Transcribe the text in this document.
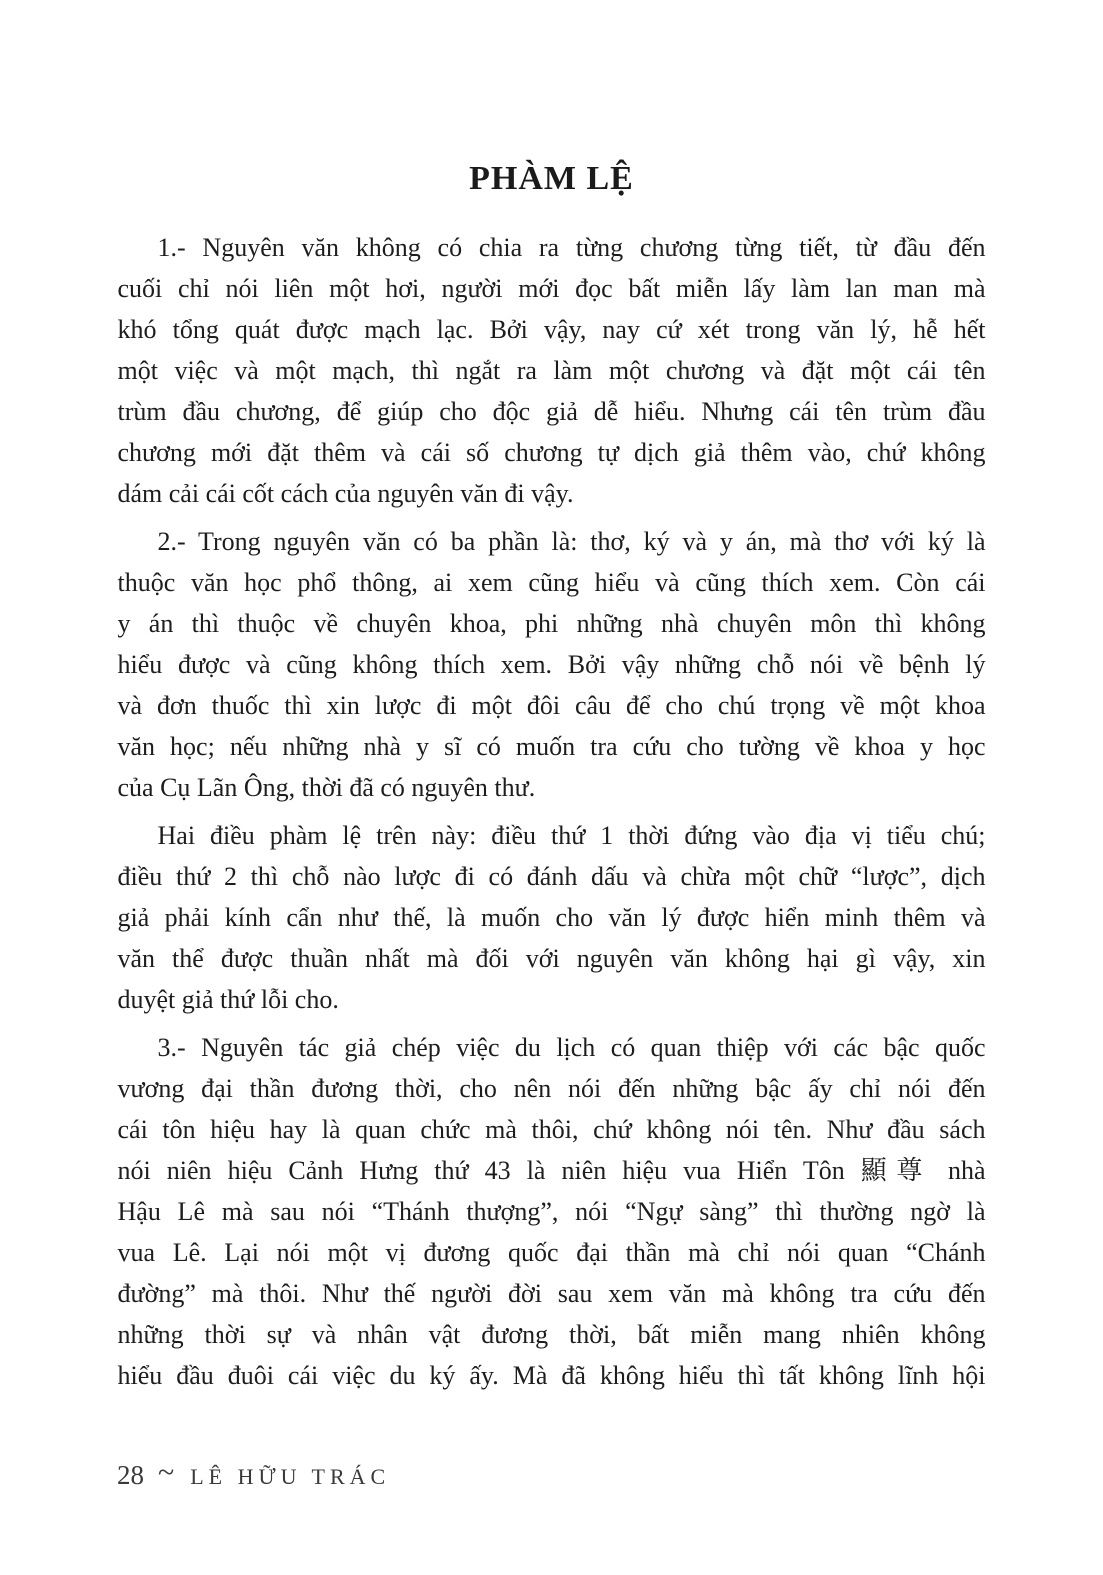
PHÀM LỆ
1.- Nguyên văn không có chia ra từng chương từng tiết, từ đầu đến
cuối chỉ nói liên một hơi, người mới đọc bất miễn lấy làm lan man mà
khó tổng quát được mạch lạc. Bởi vậy, nay cứ xét trong văn lý, hễ hết
một việc và một mạch, thì ngắt ra làm một chương và đặt một cái tên
trùm đầu chương, để giúp cho độc giả dễ hiểu. Nhưng cái tên trùm đầu
chương mới đặt thêm và cái số chương tự dịch giả thêm vào, chứ không
dám cải cái cốt cách của nguyên văn đi vậy.
2.- Trong nguyên văn có ba phần là: thơ, ký và y án, mà thơ với ký là
thuộc văn học phổ thông, ai xem cũng hiểu và cũng thích xem. Còn cái
y án thì thuộc về chuyên khoa, phi những nhà chuyên môn thì không
hiểu được và cũng không thích xem. Bởi vậy những chỗ nói về bệnh lý
và đơn thuốc thì xin lược đi một đôi câu để cho chú trọng về một khoa
văn học; nếu những nhà y sĩ có muốn tra cứu cho tường về khoa y học
của Cụ Lãn Ông, thời đã có nguyên thư.
Hai điều phàm lệ trên này: điều thứ 1 thời đứng vào địa vị tiểu chú;
điều thứ 2 thì chỗ nào lược đi có đánh dấu và chừa một chữ “lược”, dịch
giả phải kính cẩn như thế, là muốn cho văn lý được hiển minh thêm và
văn thể được thuần nhất mà đối với nguyên văn không hại gì vậy, xin
duyệt giả thứ lỗi cho.
3.- Nguyên tác giả chép việc du lịch có quan thiệp với các bậc quốc
vương đại thần đương thời, cho nên nói đến những bậc ấy chỉ nói đến
cái tôn hiệu hay là quan chức mà thôi, chứ không nói tên. Như đầu sách
nói niên hiệu Cảnh Hưng thứ 43 là niên hiệu vua Hiển Tôn 顯尊 nhà
Hậu Lê mà sau nói “Thánh thượng”, nói “Ngự sàng” thì thường ngờ là
vua Lê. Lại nói một vị đương quốc đại thần mà chỉ nói quan “Chánh
đường” mà thôi. Như thế người đời sau xem văn mà không tra cứu đến
những thời sự và nhân vật đương thời, bất miễn mang nhiên không
hiểu đầu đuôi cái việc du ký ấy. Mà đã không hiểu thì tất không lĩnh hội
28 ~ LÊ HỮU TRÁC
